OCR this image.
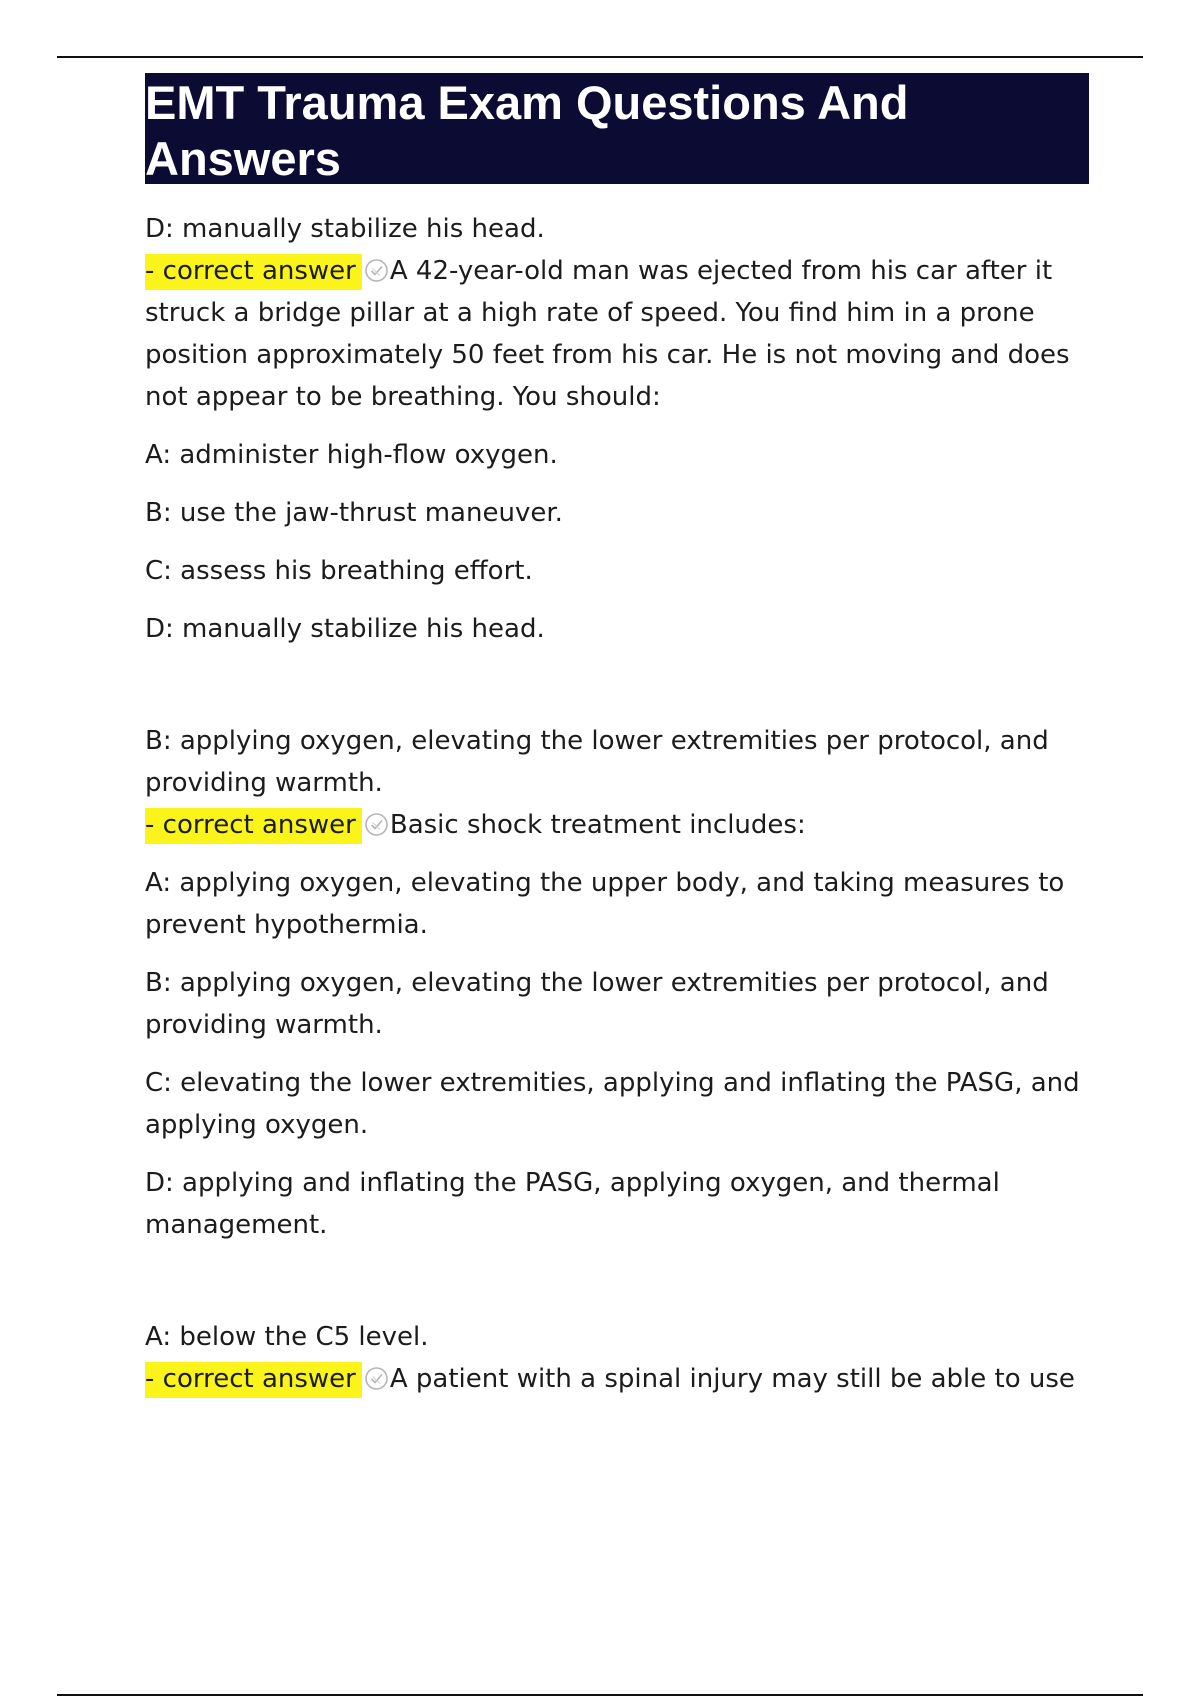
EMT Trauma Exam Questions And Answers
D: manually stabilize his head.
- correct answer A 42-year-old man was ejected from his car after it struck a bridge pillar at a high rate of speed. You find him in a prone position approximately 50 feet from his car. He is not moving and does not appear to be breathing. You should:

A: administer high-flow oxygen.

B: use the jaw-thrust maneuver.

C: assess his breathing effort.

D: manually stabilize his head.

B: applying oxygen, elevating the lower extremities per protocol, and providing warmth.
- correct answer Basic shock treatment includes:

A: applying oxygen, elevating the upper body, and taking measures to prevent hypothermia.

B: applying oxygen, elevating the lower extremities per protocol, and providing warmth.

C: elevating the lower extremities, applying and inflating the PASG, and applying oxygen.

D: applying and inflating the PASG, applying oxygen, and thermal management.

A: below the C5 level.
- correct answer A patient with a spinal injury may still be able to use
